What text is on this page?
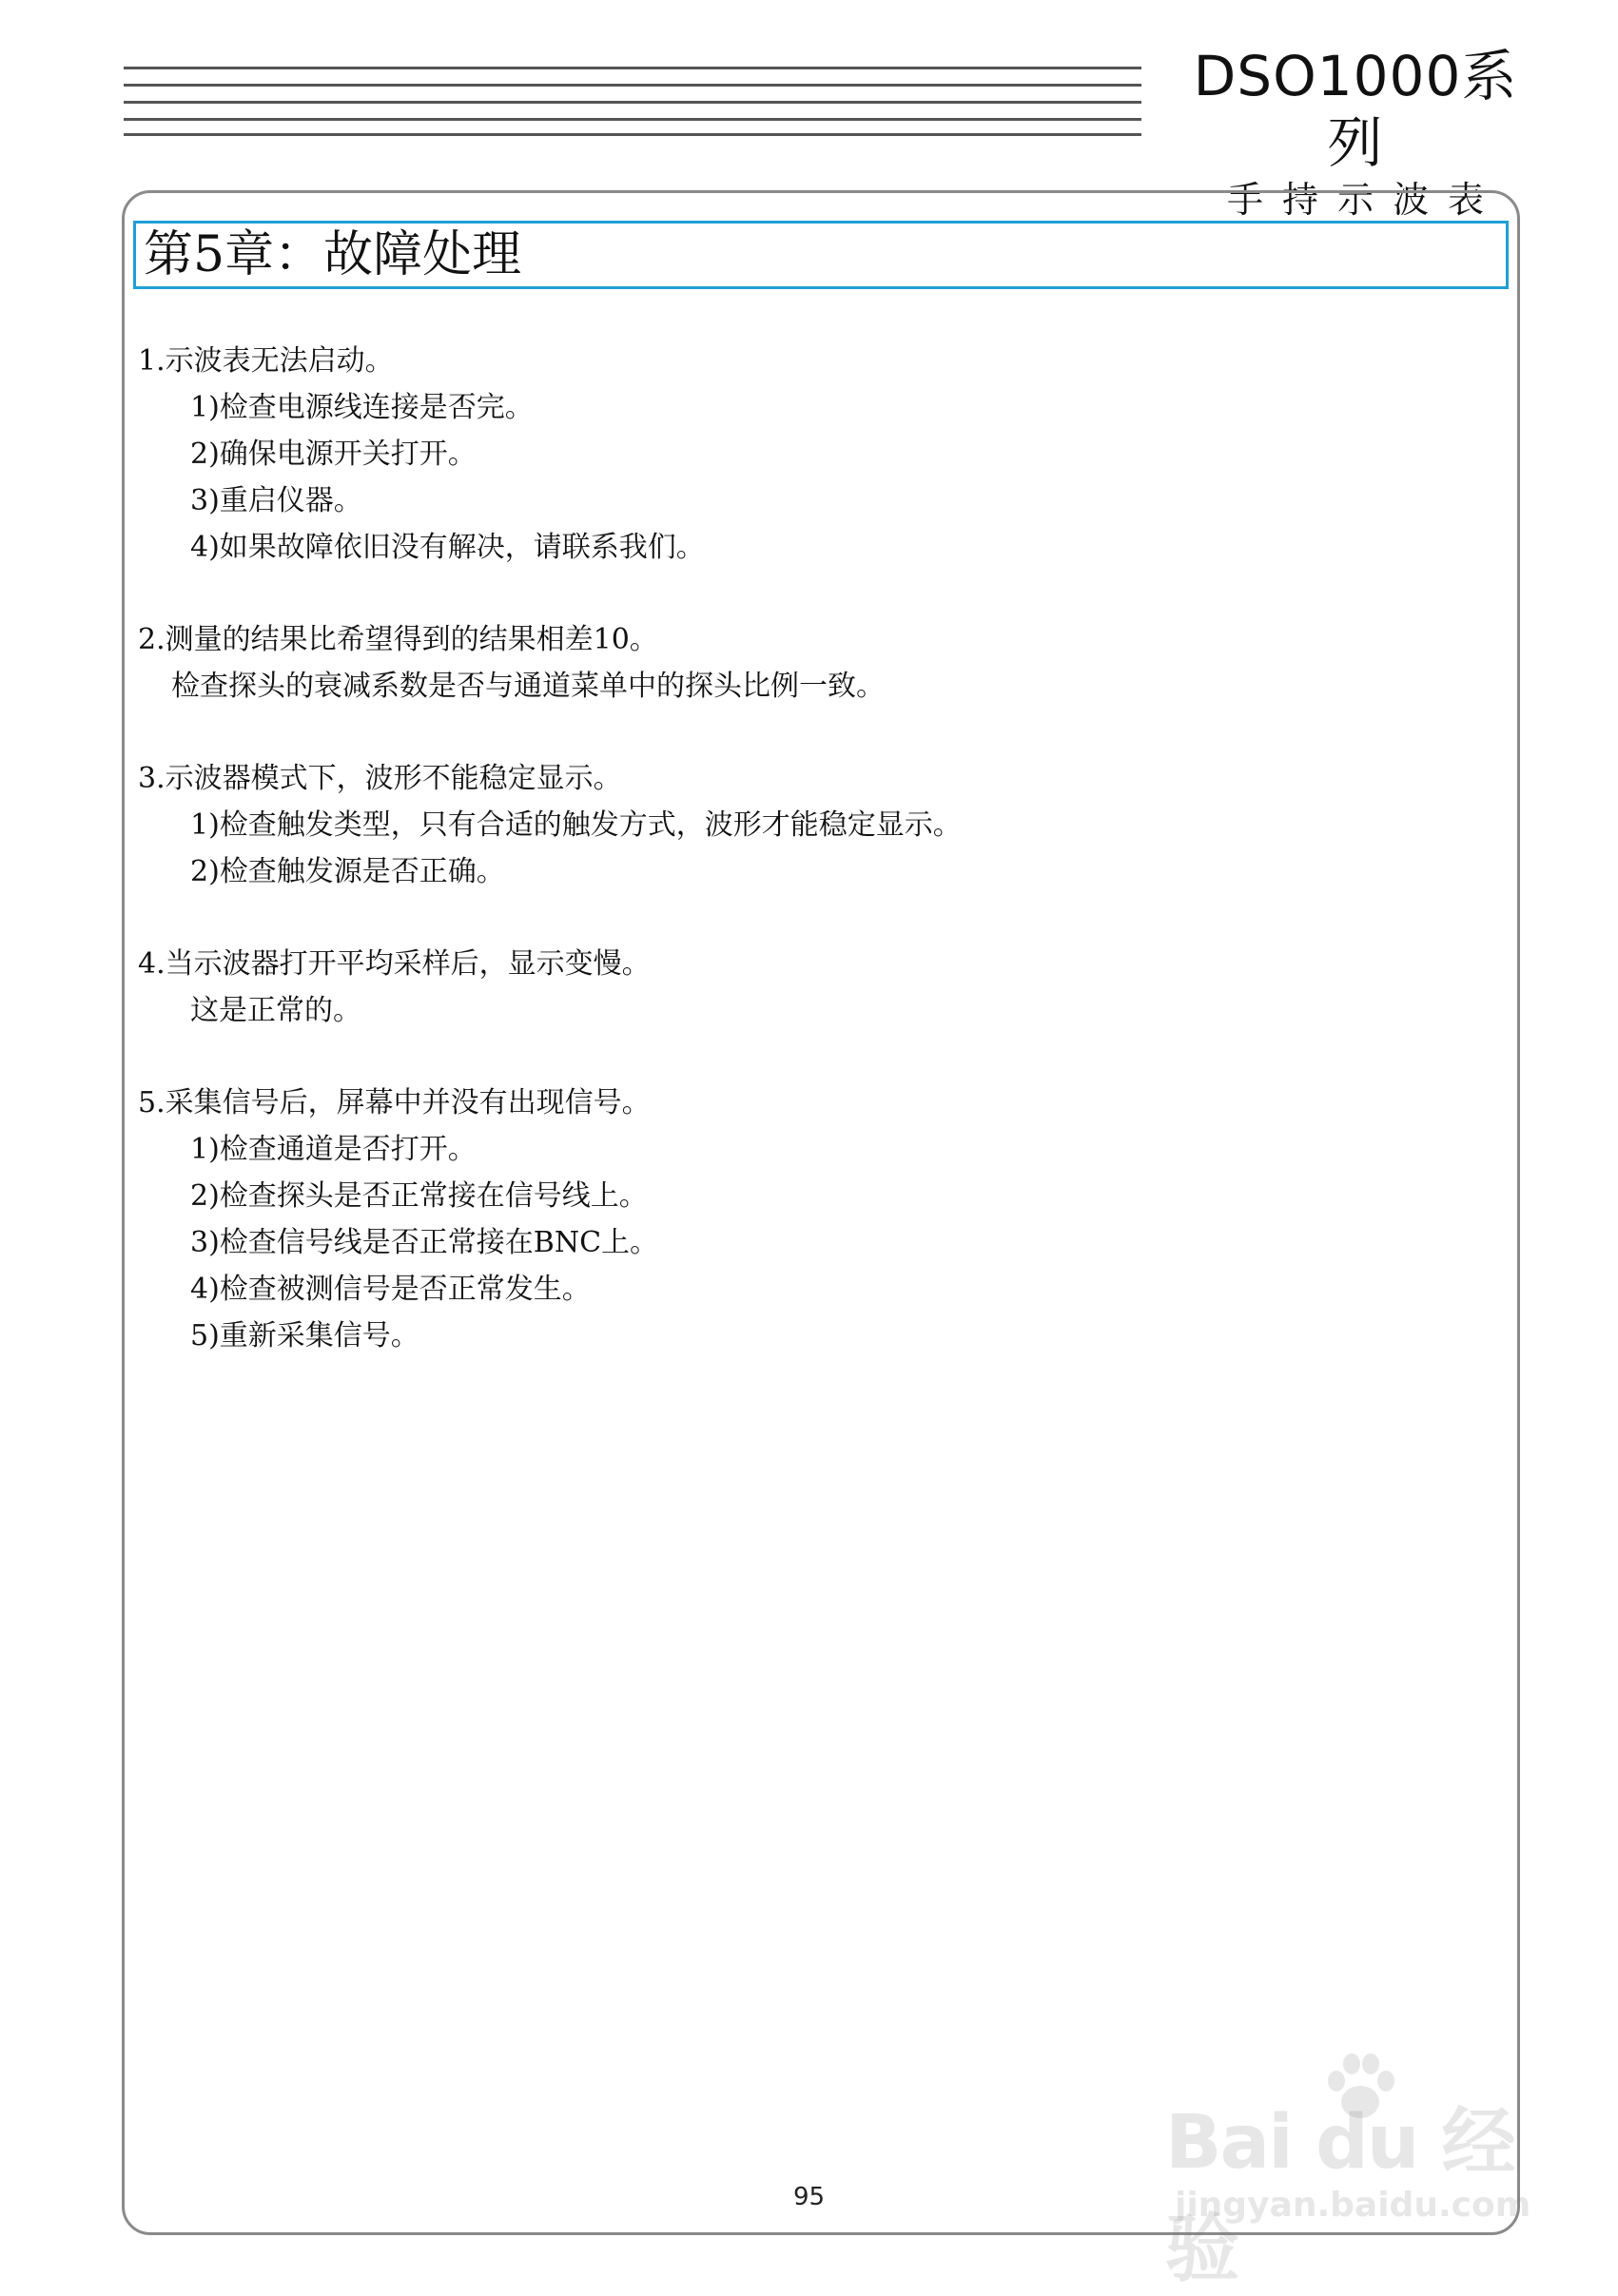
DSO1000系列
手持示波表
第5章：故障处理
1.示波表无法启动。
1)检查电源线连接是否完。
2)确保电源开关打开。
3)重启仪器。
4)如果故障依旧没有解决，请联系我们。
2.测量的结果比希望得到的结果相差10。
检查探头的衰减系数是否与通道菜单中的探头比例一致。
3.示波器模式下，波形不能稳定显示。
1)检查触发类型，只有合适的触发方式，波形才能稳定显示。
2)检查触发源是否正确。
4.当示波器打开平均采样后，显示变慢。
这是正常的。
5.采集信号后，屏幕中并没有出现信号。
1)检查通道是否打开。
2)检查探头是否正常接在信号线上。
3)检查信号线是否正常接在BNC上。
4)检查被测信号是否正常发生。
5)重新采集信号。
95
Bai du 经验
jingyan.baidu.com
